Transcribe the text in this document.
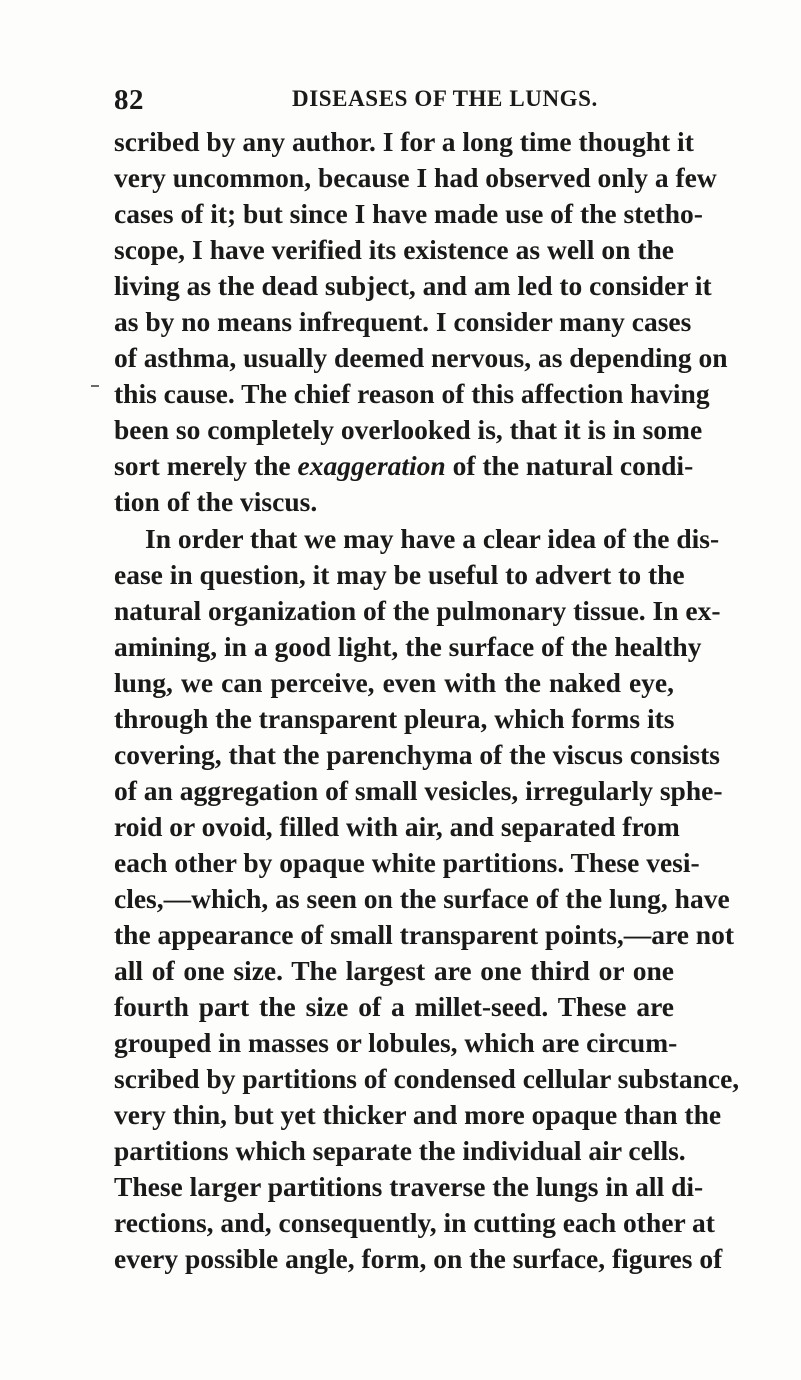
82	DISEASES OF THE LUNGS.
scribed by any author. I for a long time thought it
very uncommon, because I had observed only a few
cases of it; but since I have made use of the stetho-
scope, I have verified its existence as well on the
living as the dead subject, and am led to consider it
as by no means infrequent. I consider many cases
of asthma, usually deemed nervous, as depending on
this cause. The chief reason of this affection having
been so completely overlooked is, that it is in some
sort merely the exaggeration of the natural condi-
tion of the viscus.
In order that we may have a clear idea of the dis-
ease in question, it may be useful to advert to the
natural organization of the pulmonary tissue. In ex-
amining, in a good light, the surface of the healthy
lung, we can perceive, even with the naked eye,
through the transparent pleura, which forms its
covering, that the parenchyma of the viscus consists
of an aggregation of small vesicles, irregularly sphe-
roid or ovoid, filled with air, and separated from
each other by opaque white partitions. These vesi-
cles,—which, as seen on the surface of the lung, have
the appearance of small transparent points,—are not
all of one size. The largest are one third or one
fourth part the size of a millet-seed. These are
grouped in masses or lobules, which are circum-
scribed by partitions of condensed cellular substance,
very thin, but yet thicker and more opaque than the
partitions which separate the individual air cells.
These larger partitions traverse the lungs in all di-
rections, and, consequently, in cutting each other at
every possible angle, form, on the surface, figures of
